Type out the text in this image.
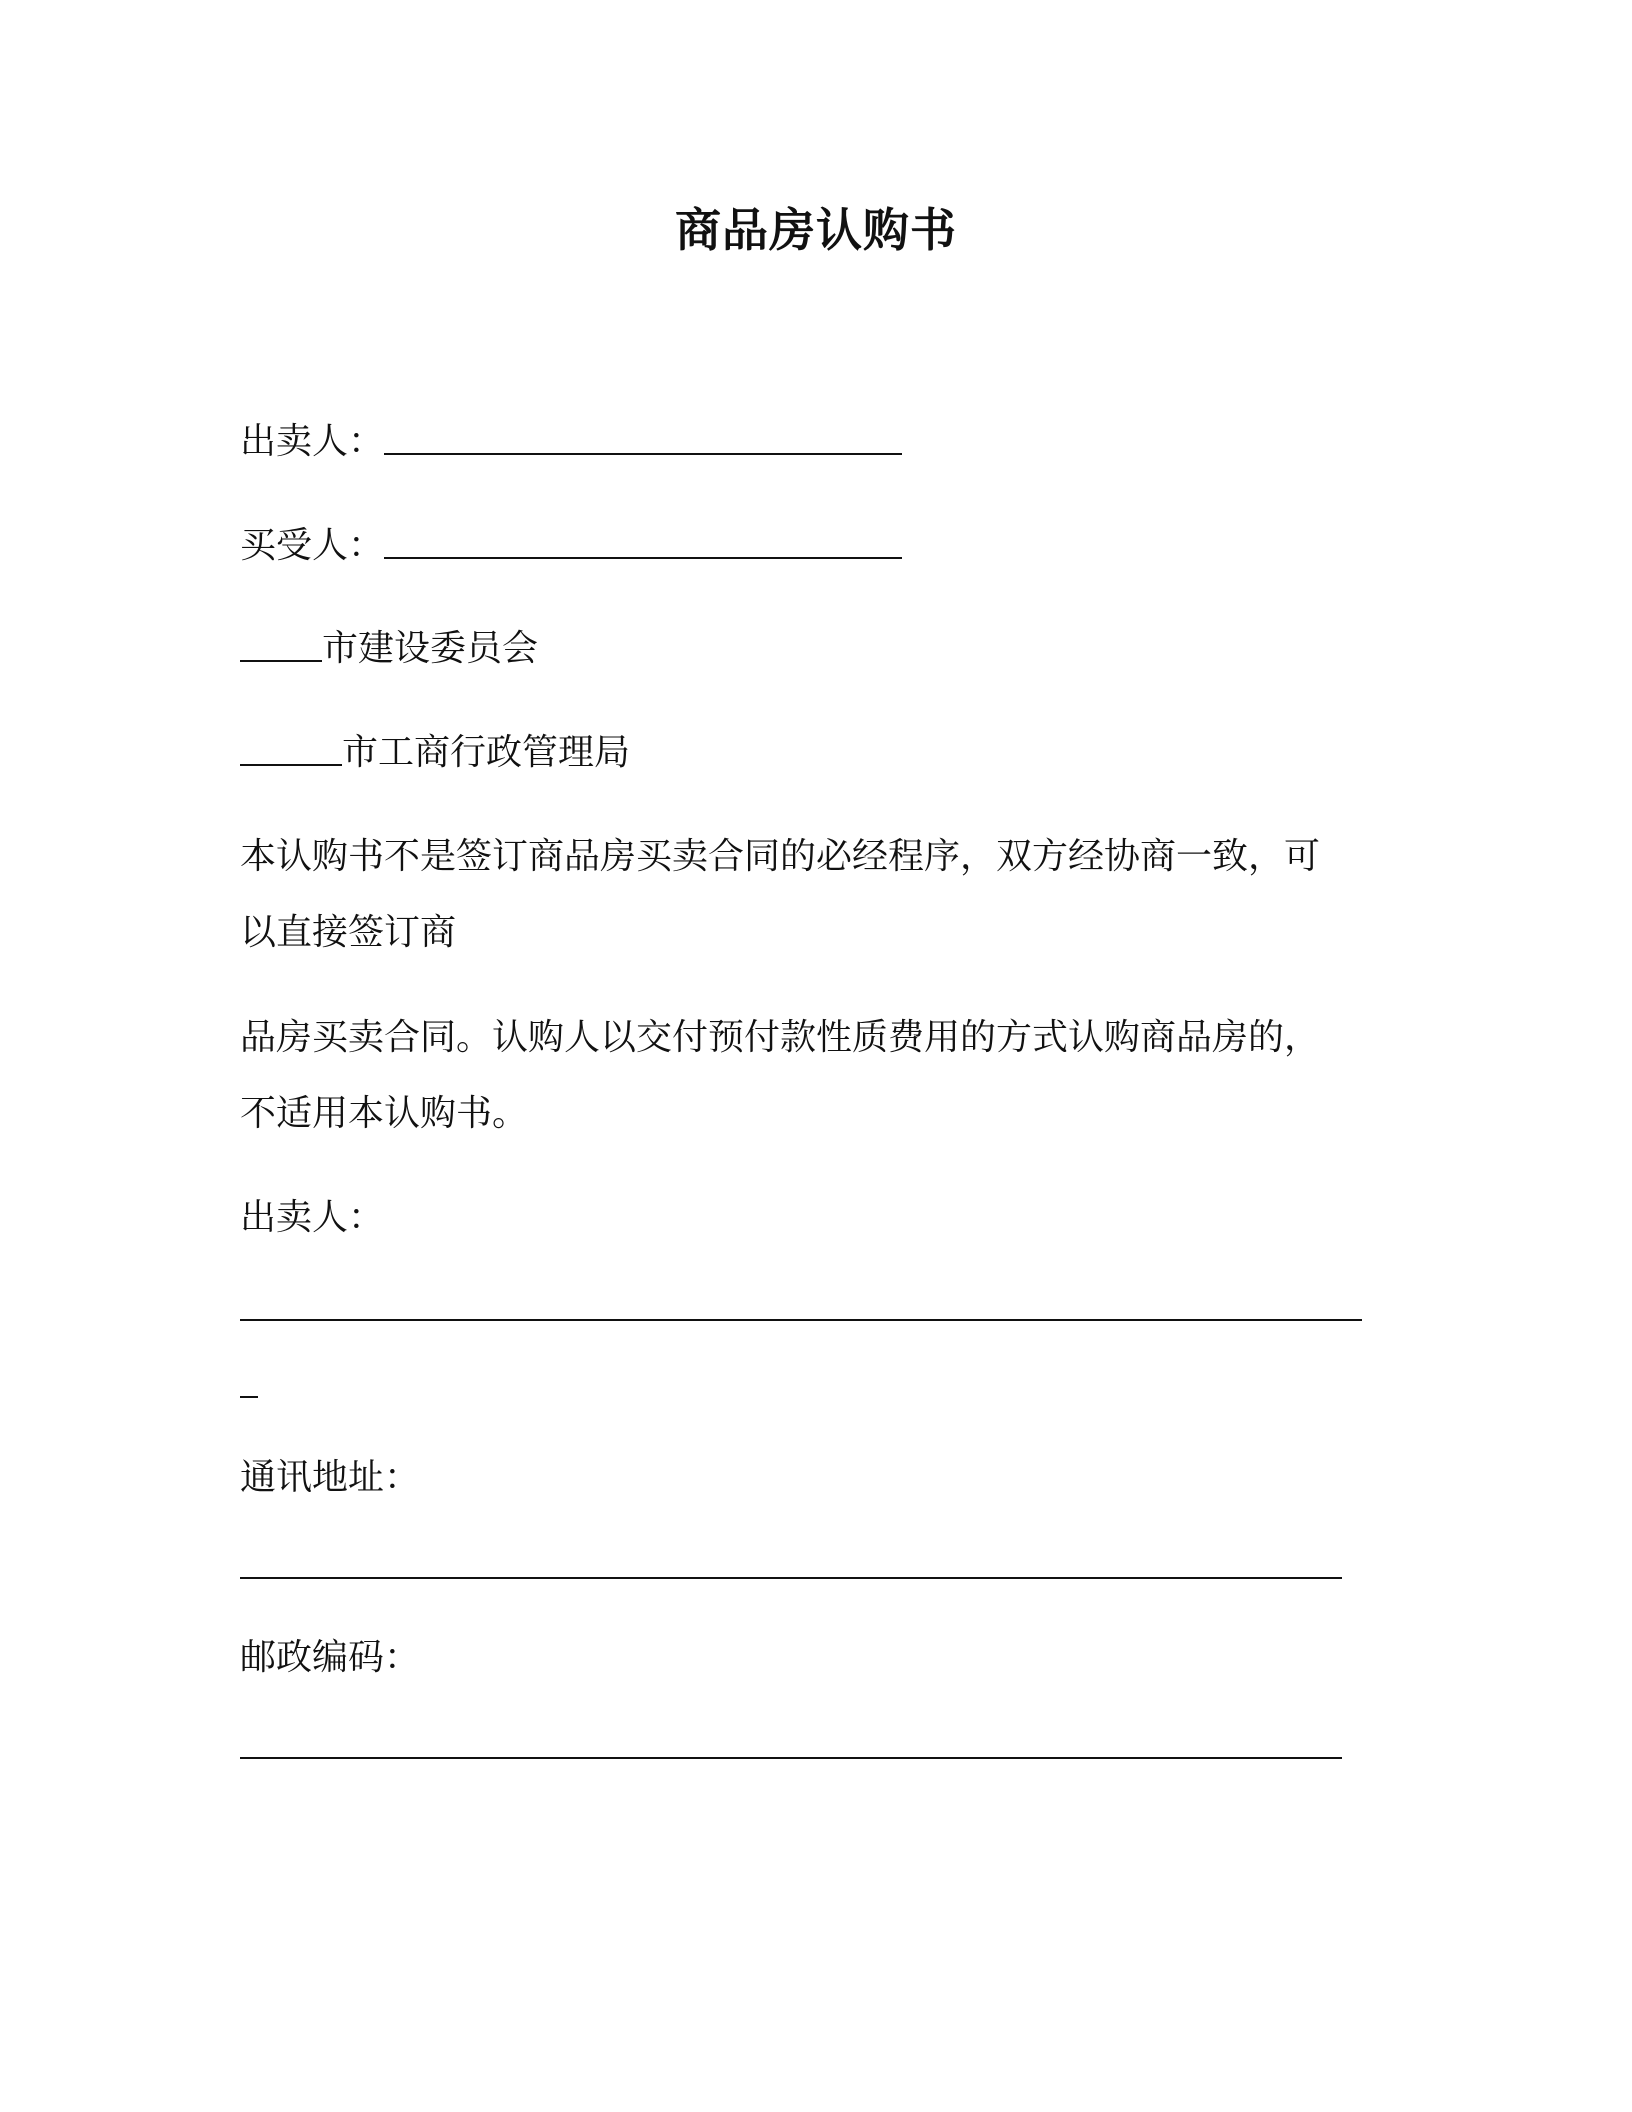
商品房认购书
出卖人：
买受人：
市建设委员会
市工商行政管理局
本认购书不是签订商品房买卖合同的必经程序，双方经协商一致，可
以直接签订商
品房买卖合同。认购人以交付预付款性质费用的方式认购商品房的，
不适用本认购书。
出卖人：
通讯地址：
邮政编码：
